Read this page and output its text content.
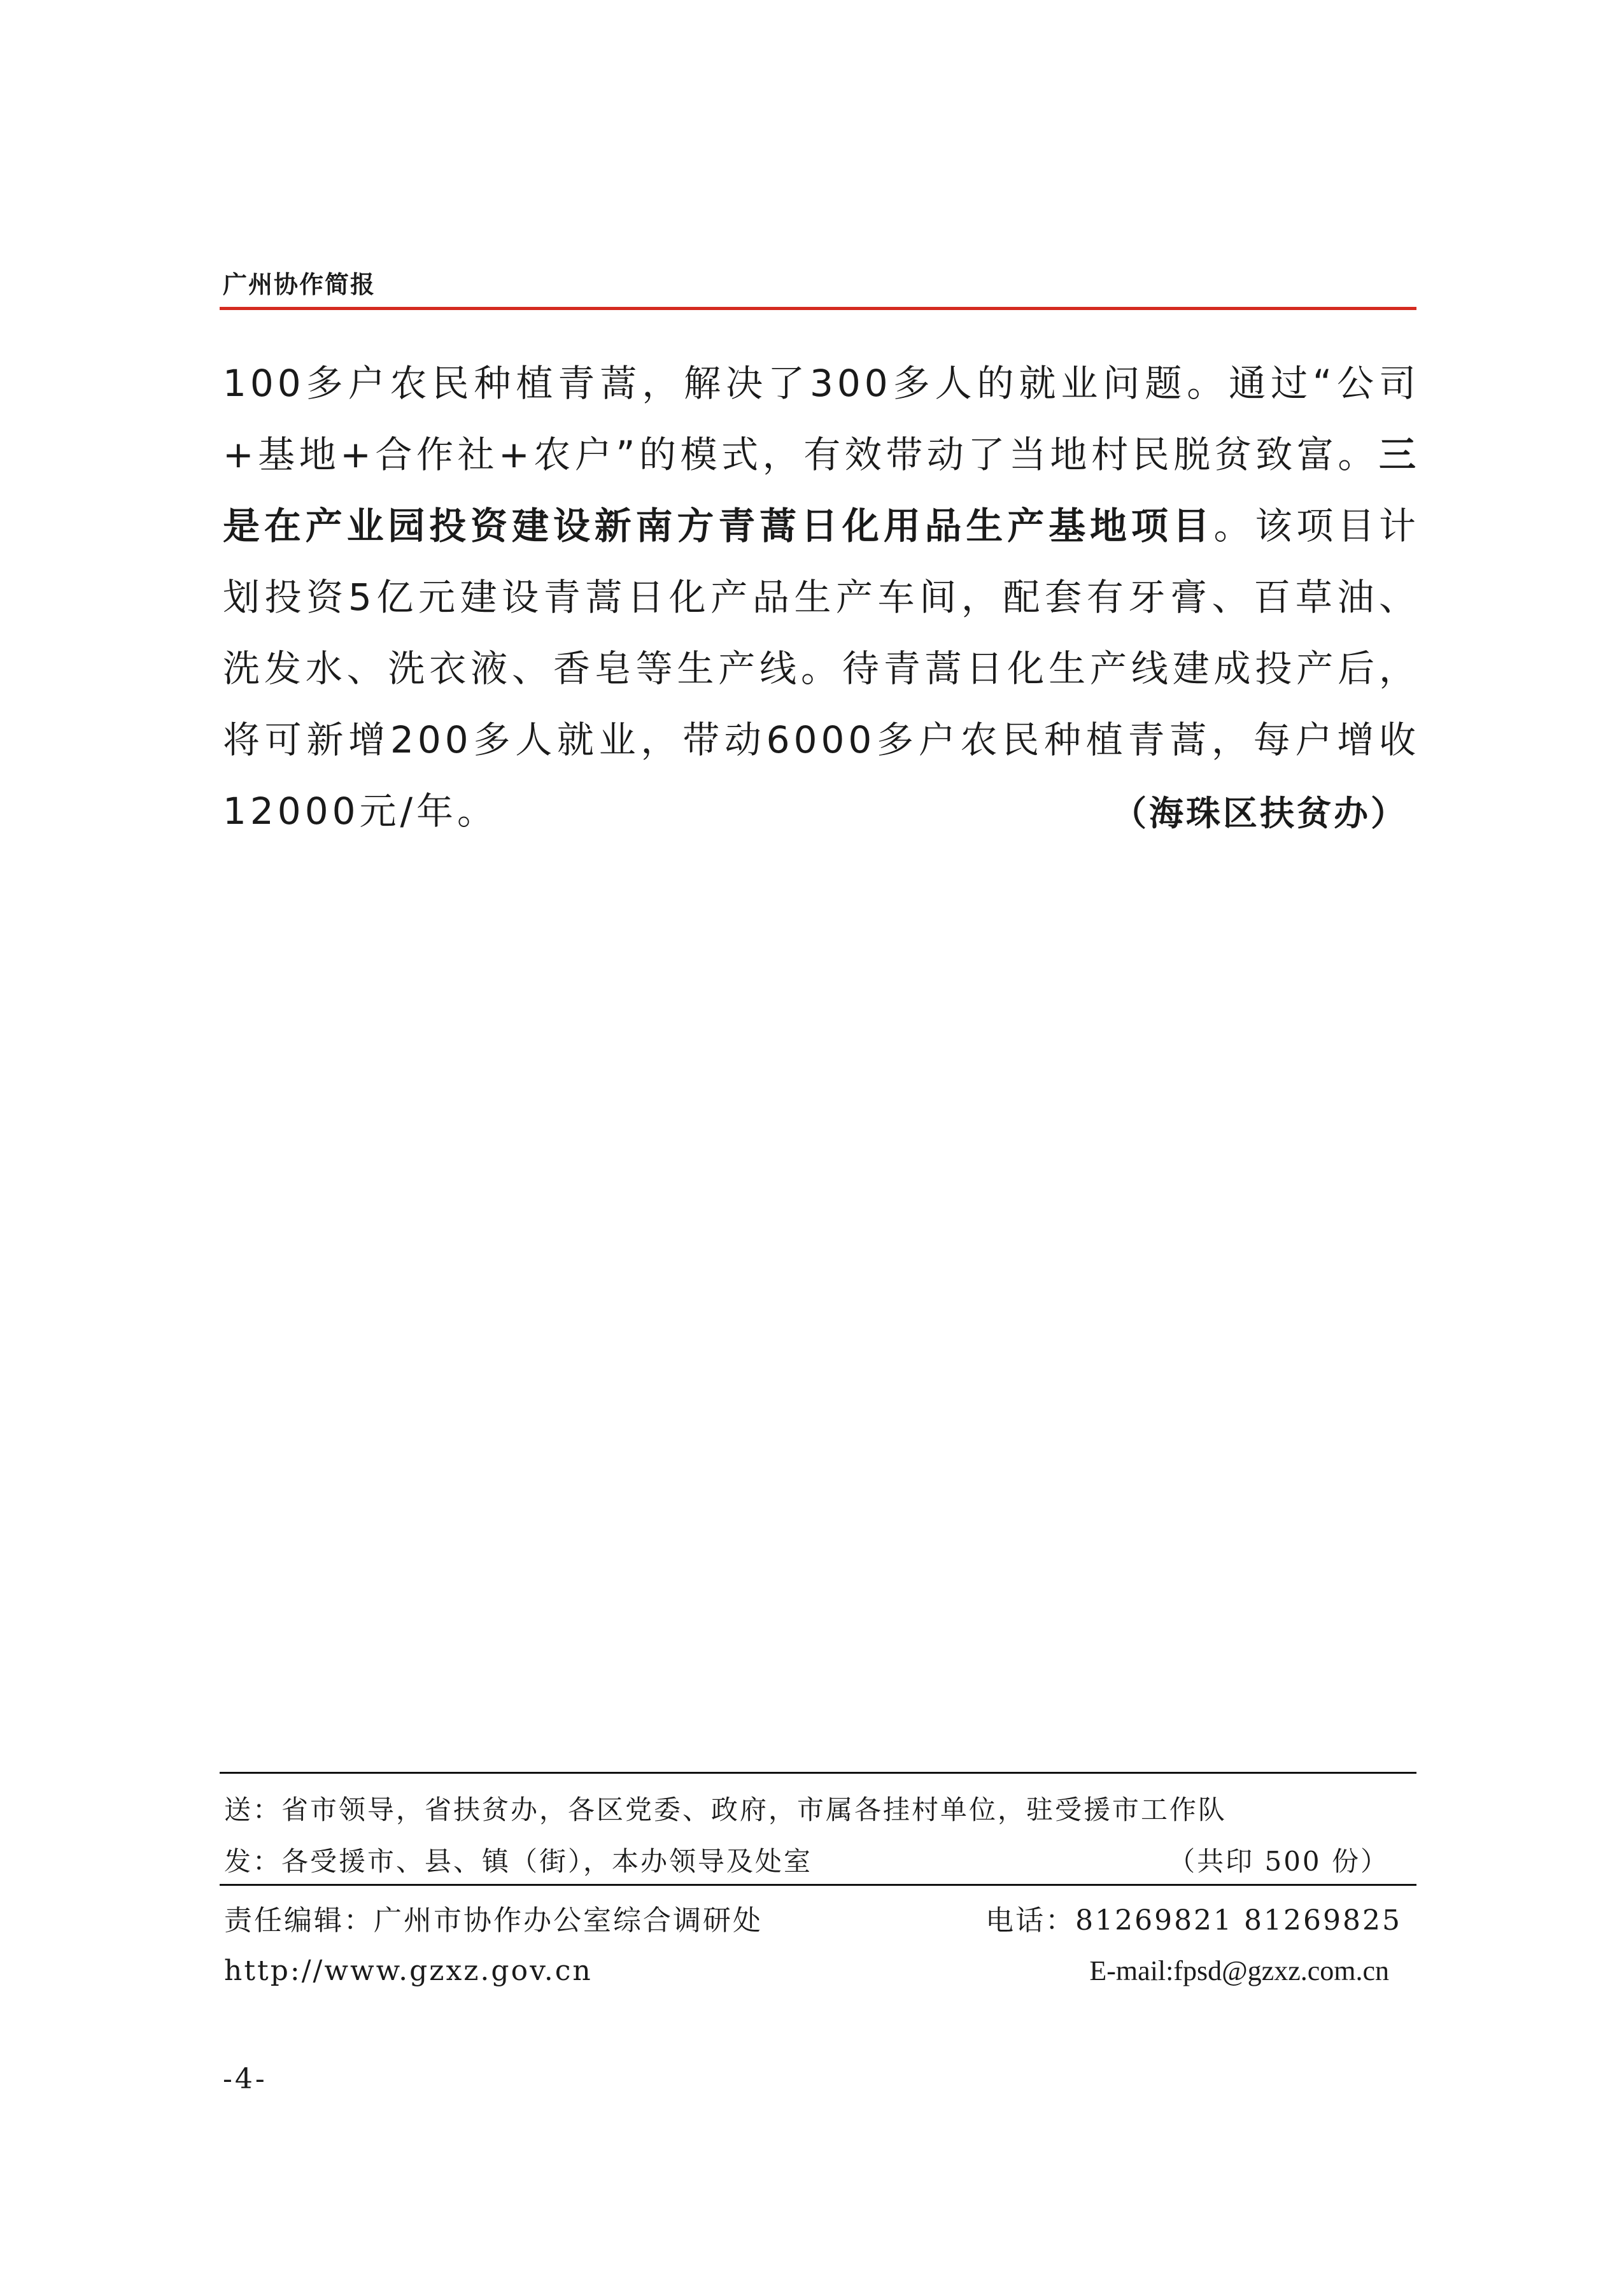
广州协作简报
100多户农民种植青蒿，解决了300多人的就业问题。通过“公司+基地+合作社+农户”的模式，有效带动了当地村民脱贫致富。三是在产业园投资建设新南方青蒿日化用品生产基地项目。该项目计划投资5亿元建设青蒿日化产品生产车间，配套有牙膏、百草油、洗发水、洗衣液、香皂等生产线。待青蒿日化生产线建成投产后，将可新增200多人就业，带动6000多户农民种植青蒿，每户增收12000元/年。	（海珠区扶贫办）
送：省市领导，省扶贫办，各区党委、政府，市属各挂村单位，驻受援市工作队
发：各受援市、县、镇（街），本办领导及处室	（共印 500 份）
责任编辑：广州市协作办公室综合调研处	电话：81269821 81269825
http://www.gzxz.gov.cn	E-mail:fpsd@gzxz.com.cn
-4-
